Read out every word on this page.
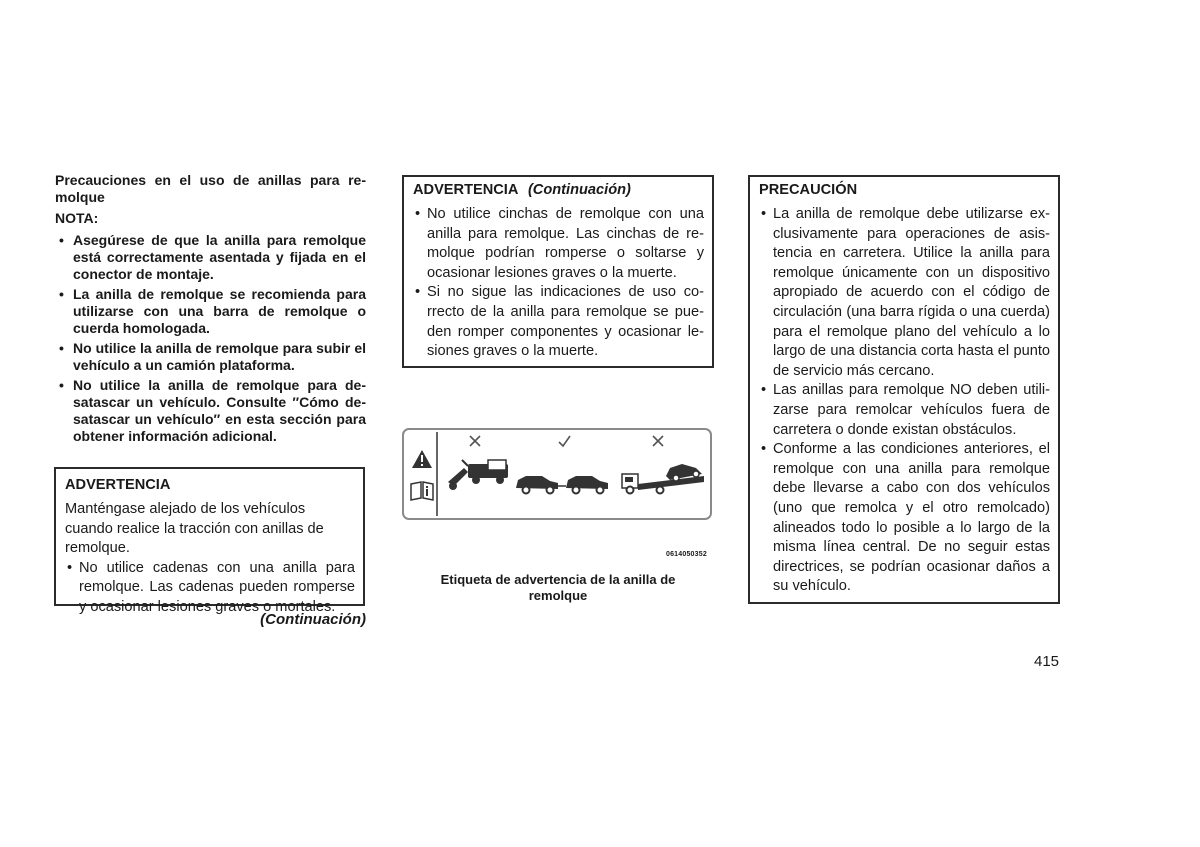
Precauciones en el uso de anillas para re-molque
NOTA:
• Asegúrese de que la anilla para remolque está correctamente asentada y fijada en el conector de montaje.
• La anilla de remolque se recomienda para utilizarse con una barra de remolque o cuerda homologada.
• No utilice la anilla de remolque para subir el vehículo a un camión plataforma.
• No utilice la anilla de remolque para de-satascar un vehículo. Consulte ″Cómo de-satascar un vehículo″ en esta sección para obtener información adicional.
ADVERTENCIA
Manténgase alejado de los vehículos cuando realice la tracción con anillas de remolque.
• No utilice cadenas con una anilla para remolque. Las cadenas pueden romperse y ocasionar lesiones graves o mortales.
(Continuación)
ADVERTENCIA (Continuación)
• No utilice cinchas de remolque con una anilla para remolque. Las cinchas de re-molque podrían romperse o soltarse y ocasionar lesiones graves o la muerte.
• Si no sigue las indicaciones de uso co-rrecto de la anilla para remolque se pue-den romper componentes y ocasionar le-siones graves o la muerte.
0614050352
Etiqueta de advertencia de la anilla de remolque
PRECAUCIÓN
• La anilla de remolque debe utilizarse ex-clusivamente para operaciones de asis-tencia en carretera. Utilice la anilla para remolque únicamente con un dispositivo apropiado de acuerdo con el código de circulación (una barra rígida o una cuerda) para el remolque plano del vehículo a lo largo de una distancia corta hasta el punto de servicio más cercano.
• Las anillas para remolque NO deben utili-zarse para remolcar vehículos fuera de carretera o donde existan obstáculos.
• Conforme a las condiciones anteriores, el remolque con una anilla para remolque debe llevarse a cabo con dos vehículos (uno que remolca y el otro remolcado) alineados todo lo posible a lo largo de la misma línea central. De no seguir estas directrices, se podrían ocasionar daños a su vehículo.
415
